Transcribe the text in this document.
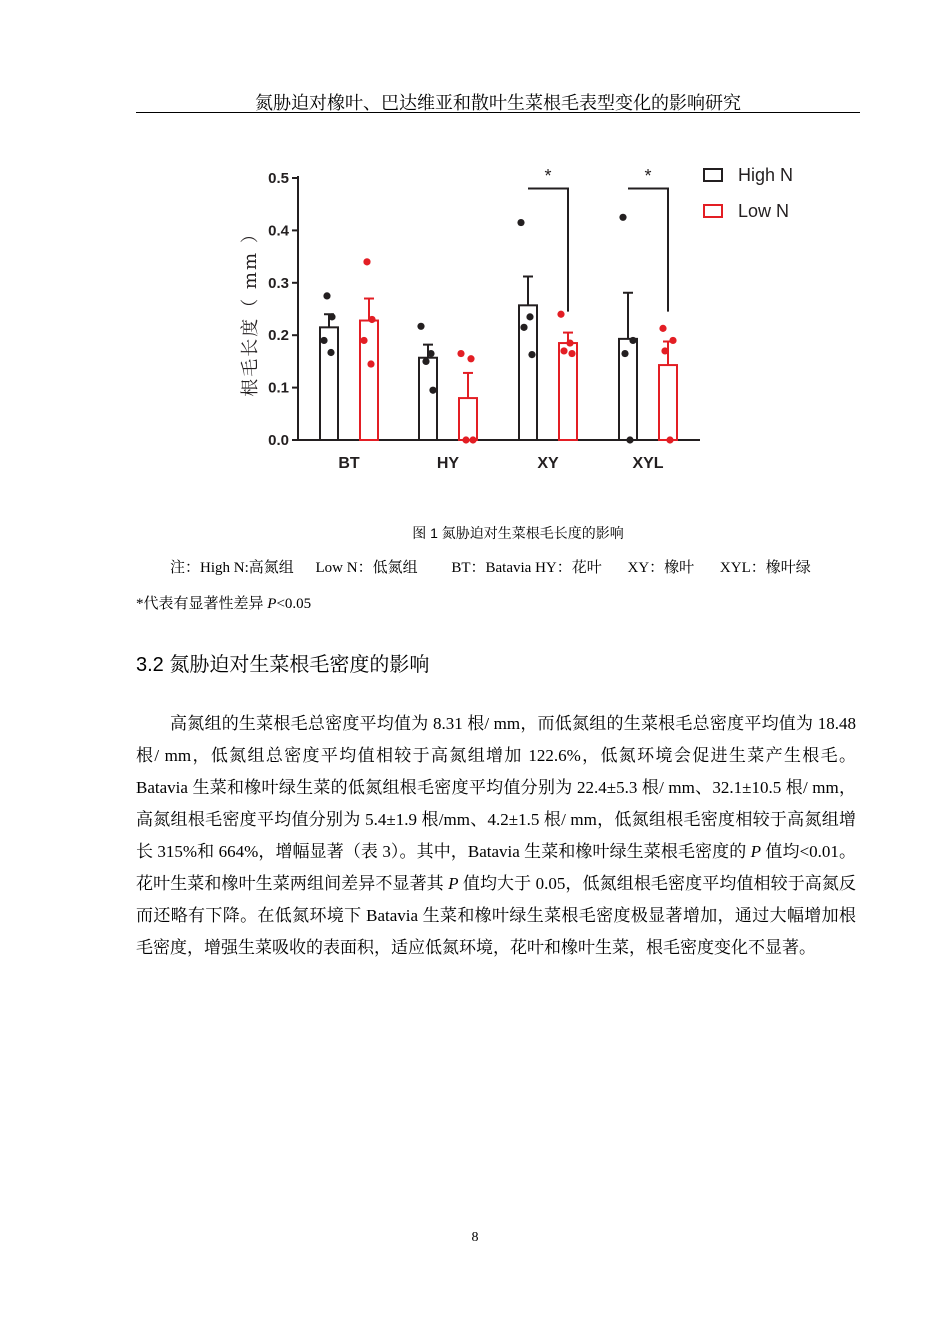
氮胁迫对橡叶、巴达维亚和散叶生菜根毛表型变化的影响研究
0.0
0.1
0.2
0.3
0.4
0.5
根毛长度（ mm ）
BT	HY	XY	XYL
*	*	High N
Low N
图 1 氮胁迫对生菜根毛长度的影响
注：High N:高氮组 Low N：低氮组 BT：Batavia HY：花叶 XY：橡叶 XYL：橡叶绿
*代表有显著性差异 P<0.05
3.2 氮胁迫对生菜根毛密度的影响

高氮组的生菜根毛总密度平均值为 8.31 根/ mm，而低氮组的生菜根毛总密度平均值为 18.48 根/ mm，低氮组总密度平均值相较于高氮组增加 122.6%，低氮环境会促进生菜产生根毛。Batavia 生菜和橡叶绿生菜的低氮组根毛密度平均值分别为 22.4±5.3 根/ mm、32.1±10.5 根/ mm，高氮组根毛密度平均值分别为 5.4±1.9 根/mm、4.2±1.5 根/ mm，低氮组根毛密度相较于高氮组增长 315%和 664%，增幅显著（表 3）。其中，Batavia 生菜和橡叶绿生菜根毛密度的 P 值均<0.01。花叶生菜和橡叶生菜两组间差异不显著其 P 值均大于 0.05，低氮组根毛密度平均值相较于高氮反而还略有下降。在低氮环境下 Batavia 生菜和橡叶绿生菜根毛密度极显著增加，通过大幅增加根毛密度，增强生菜吸收的表面积，适应低氮环境，花叶和橡叶生菜，根毛密度变化不显著。

8
